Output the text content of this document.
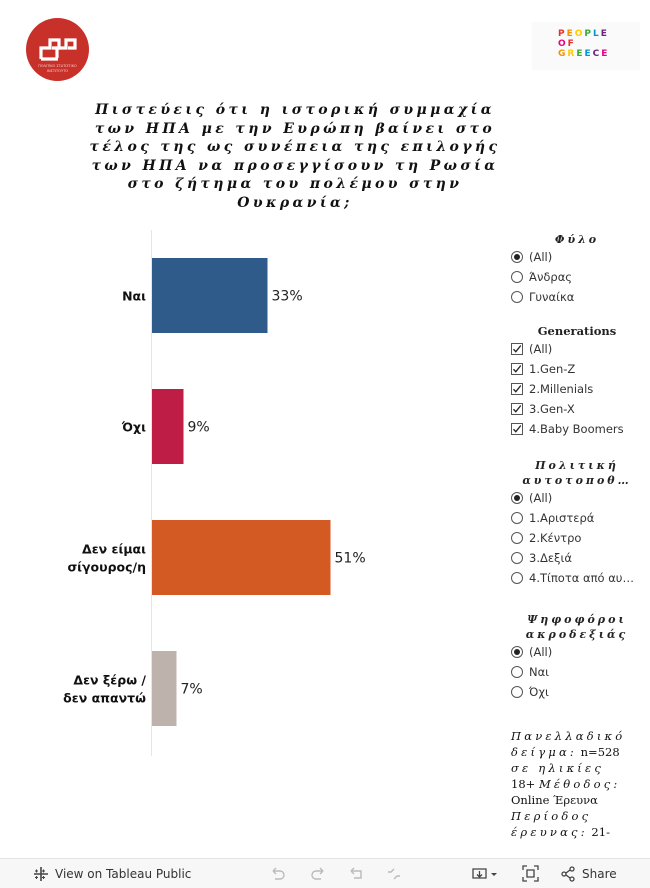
ΠΟΛΙΤΙΚΟ ΣΤΑΤΙΣΤΙΚΟ
ΙΝΣΤΙΤΟΥΤΟ
PEOPLE
OF
GREECE
Πιστεύεις ότι η ιστορική συμμαχία
των ΗΠΑ με την Ευρώπη βαίνει στο
τέλος της ως συνέπεια της επιλογής
των ΗΠΑ να προσεγγίσουν τη Ρωσία
στο ζήτημα του πολέμου στην
Ουκρανία;
33%
Ναι
9%
Όχι
51%
Δεν είμαι
σίγουρος/η
7%
Δεν ξέρω /
δεν απαντώ
Φύλο
(All)
Άνδρας
Γυναίκα
Generations
(All)
1.Gen-Z
2.Millenials
3.Gen-X
4.Baby Boomers
Πολιτική
αυτοτοποθ…
(All)
1.Αριστερά
2.Κέντρο
3.Δεξιά
4.Τίποτα από αυ…
Ψηφοφόροι
ακροδεξιάς
(All)
Ναι
Όχι
Πανελλαδικό
δείγμα: n=528
σε ηλικίες
18+ Μέθοδος:
Online Έρευνα
Περίοδος
έρευνας: 21-
View on Tableau Public	Share
